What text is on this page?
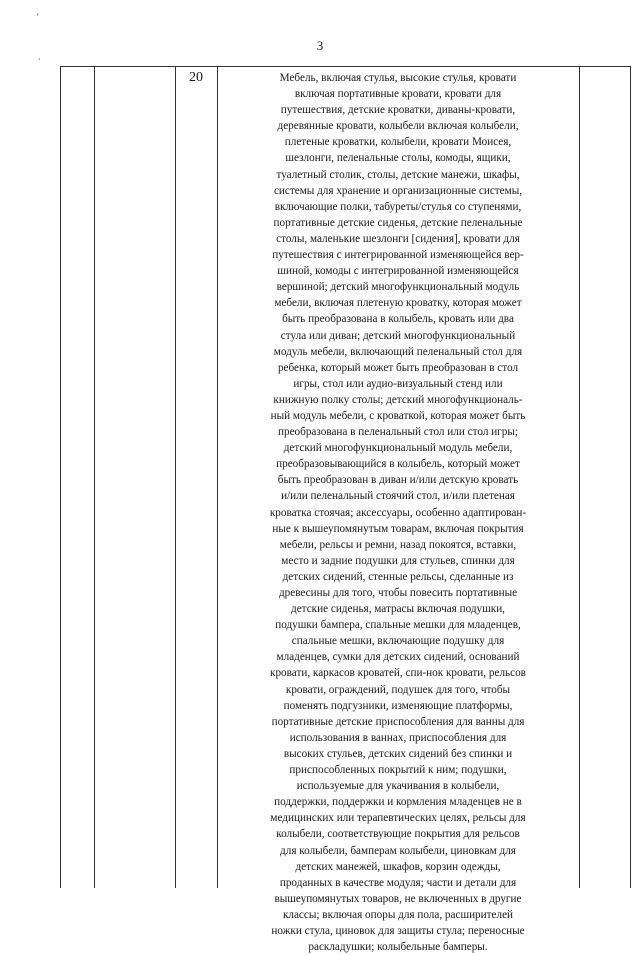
’
·
3
20	Мебель, включая стулья, высокие стулья, кровати
включая портативные кровати, кровати для
путешествия, детские кроватки, диваны-кровати,
деревянные кровати, колыбели включая колыбели,
плетеные кроватки, колыбели, кровати Моисея,
шезлонги, пеленальные столы, комоды, ящики,
туалетный столик, столы, детские манежи, шкафы,
системы для хранение и организационные системы,
включающие полки, табуреты/стулья со ступенями,
портативные детские сиденья, детские пеленальные
столы, маленькие шезлонги [сидения], кровати для
путешествия с интегрированной изменяющейся вер-
шиной, комоды с интегрированной изменяющейся
вершиной; детский многофункциональный модуль
мебели, включая плетеную кроватку, которая может
быть преобразована в колыбель, кровать или два
стула или диван; детский многофункциональный
модуль мебели, включающий пеленальный стол для
ребенка, который может быть преобразован в стол
игры, стол или аудио-визуальный стенд или
книжную полку столы; детский многофункциональ-
ный модуль мебели, с кроваткой, которая может быть
преобразована в пеленальный стол или стол игры;
детский многофункциональный модуль мебели,
преобразовывающийся в колыбель, который может
быть преобразован в диван и/или детскую кровать
и/или пеленальный стоячий стол, и/или плетеная
кроватка стоячая; аксессуары, особенно адаптирован-
ные к вышеупомянутым товарам, включая покрытия
мебели, рельсы и ремни, назад покоятся, вставки,
место и задние подушки для стульев, спинки для
детских сидений, стенные рельсы, сделанные из
древесины для того, чтобы повесить портативные
детские сиденья, матрасы включая подушки,
подушки бампера, спальные мешки для младенцев,
спальные мешки, включающие подушку для
младенцев, сумки для детских сидений, оснований
кровати, каркасов кроватей, спи-нок кровати, рельсов
кровати, ограждений, подушек для того, чтобы
поменять подгузники, изменяющие платформы,
портативные детские приспособления для ванны для
использования в ваннах, приспособления для
высоких стульев, детских сидений без спинки и
приспособленных покрытий к ним; подушки,
используемые для укачивания в колыбели,
поддержки, поддержки и кормления младенцев не в
медицинских или терапевтических целях, рельсы для
колыбели, соответствующие покрытия для рельсов
для колыбели, бамперам колыбели, циновкам для
детских манежей, шкафов, корзин одежды,
проданных в качестве модуля; части и детали для
вышеупомянутых товаров, не включенных в другие
классы; включая опоры для пола, расширителей
ножки стула, циновок для защиты стула; переносные
раскладушки; колыбельные бамперы.
